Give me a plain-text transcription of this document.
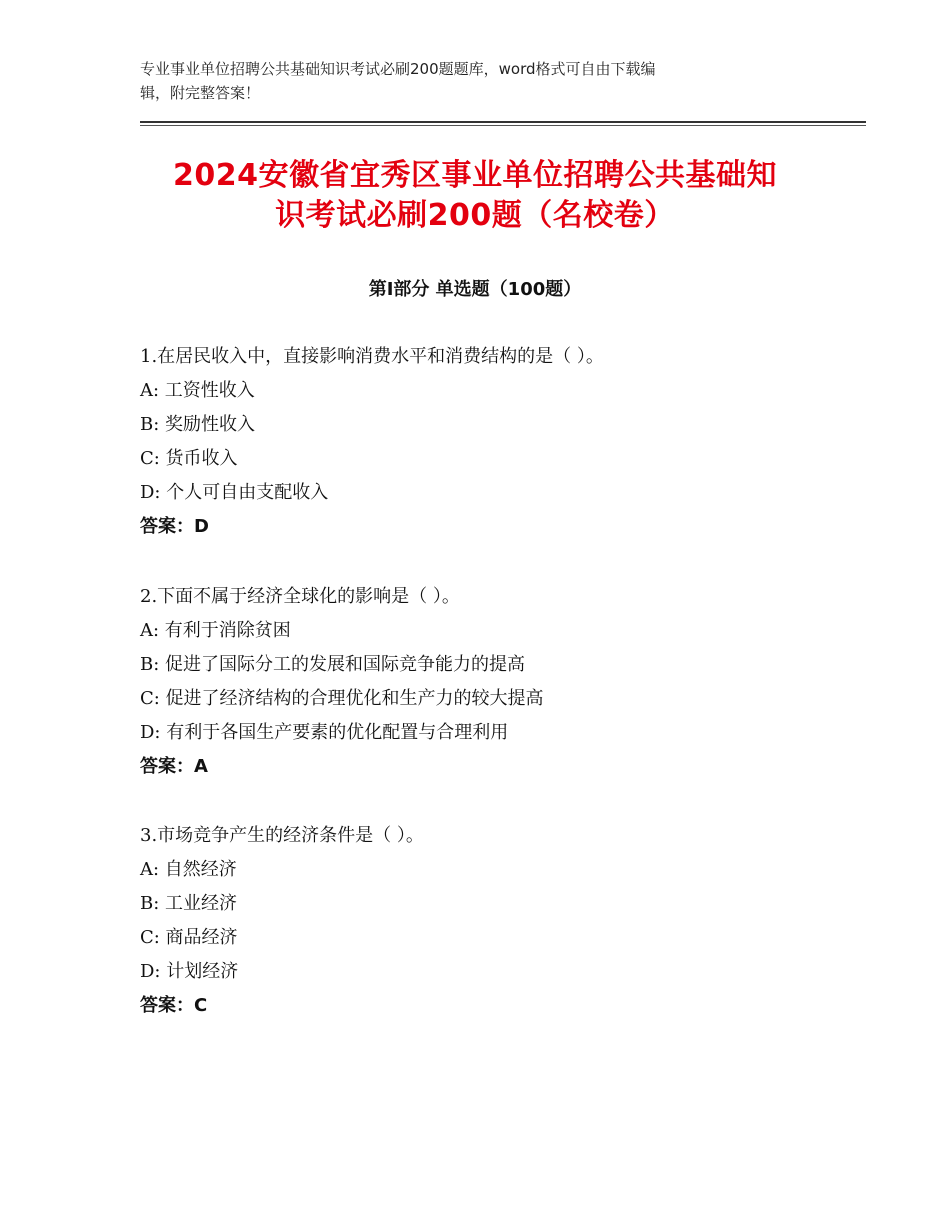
专业事业单位招聘公共基础知识考试必刷200题题库，word格式可自由下载编
辑，附完整答案！
2024安徽省宜秀区事业单位招聘公共基础知
识考试必刷200题（名校卷）
第Ⅰ部分 单选题（100题）
1.在居民收入中，直接影响消费水平和消费结构的是（ ）。
A: 工资性收入
B: 奖励性收入
C: 货币收入
D: 个人可自由支配收入
答案：D
2.下面不属于经济全球化的影响是（ ）。
A: 有利于消除贫困
B: 促进了国际分工的发展和国际竞争能力的提高
C: 促进了经济结构的合理优化和生产力的较大提高
D: 有利于各国生产要素的优化配置与合理利用
答案：A
3.市场竞争产生的经济条件是（ ）。
A: 自然经济
B: 工业经济
C: 商品经济
D: 计划经济
答案：C
